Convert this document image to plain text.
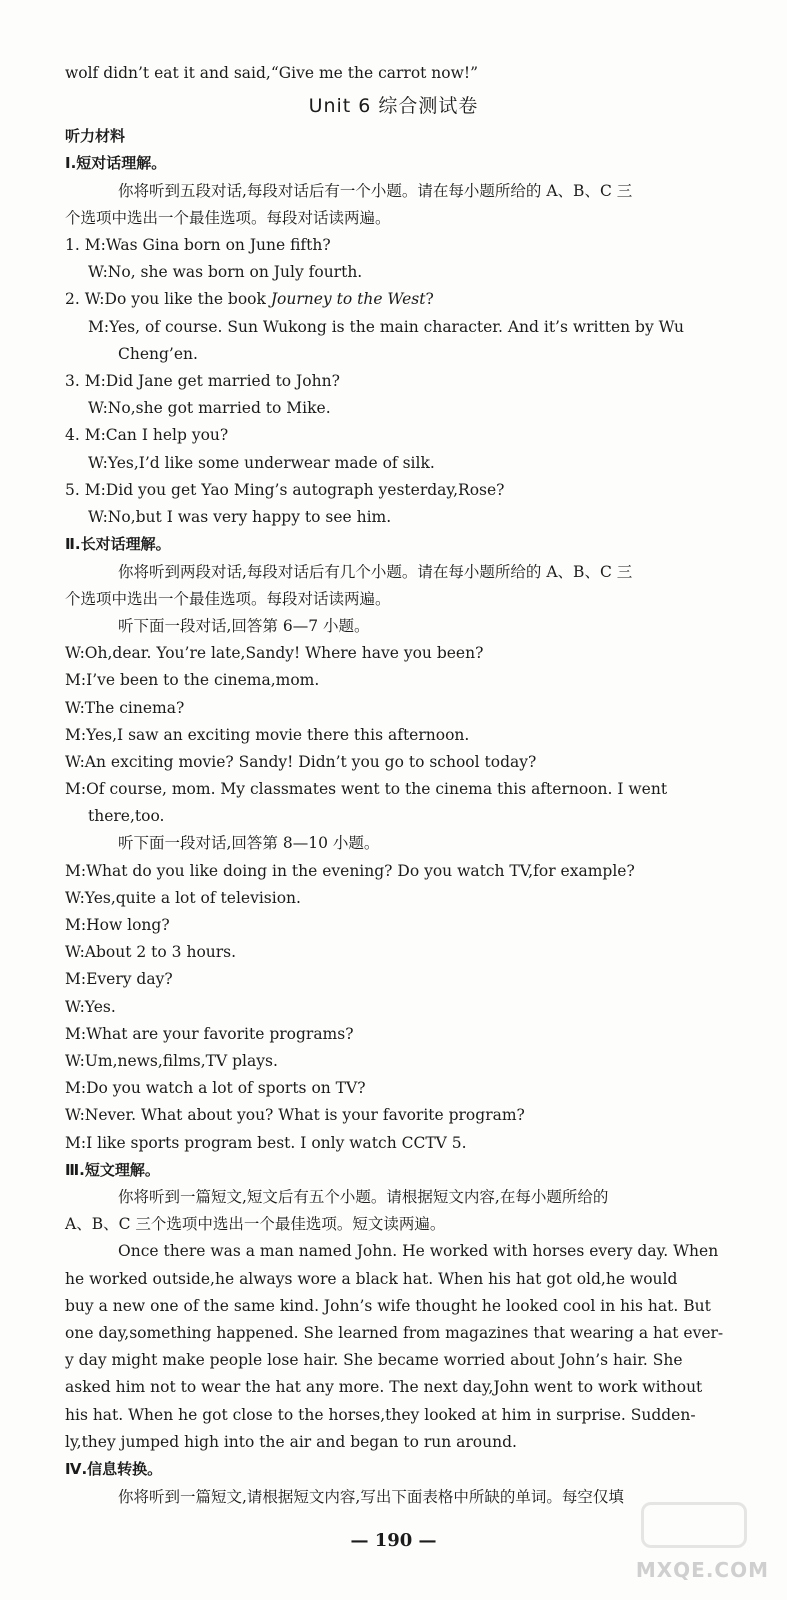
wolf didn’t eat it and said,“Give me the carrot now!”
Unit 6 综合测试卷
听力材料
Ⅰ.短对话理解。
你将听到五段对话,每段对话后有一个小题。请在每小题所给的 A、B、C 三
个选项中选出一个最佳选项。每段对话读两遍。
1. M:Was Gina born on June fifth?
W:No, she was born on July fourth.
2. W:Do you like the book Journey to the West?
M:Yes, of course. Sun Wukong is the main character. And it’s written by Wu
Cheng’en.
3. M:Did Jane get married to John?
W:No,she got married to Mike.
4. M:Can I help you?
W:Yes,I’d like some underwear made of silk.
5. M:Did you get Yao Ming’s autograph yesterday,Rose?
W:No,but I was very happy to see him.
Ⅱ.长对话理解。
你将听到两段对话,每段对话后有几个小题。请在每小题所给的 A、B、C 三
个选项中选出一个最佳选项。每段对话读两遍。
听下面一段对话,回答第 6—7 小题。
W:Oh,dear. You’re late,Sandy! Where have you been?
M:I’ve been to the cinema,mom.
W:The cinema?
M:Yes,I saw an exciting movie there this afternoon.
W:An exciting movie? Sandy! Didn’t you go to school today?
M:Of course, mom. My classmates went to the cinema this afternoon. I went
there,too.
听下面一段对话,回答第 8—10 小题。
M:What do you like doing in the evening? Do you watch TV,for example?
W:Yes,quite a lot of television.
M:How long?
W:About 2 to 3 hours.
M:Every day?
W:Yes.
M:What are your favorite programs?
W:Um,news,films,TV plays.
M:Do you watch a lot of sports on TV?
W:Never. What about you? What is your favorite program?
M:I like sports program best. I only watch CCTV 5.
Ⅲ.短文理解。
你将听到一篇短文,短文后有五个小题。请根据短文内容,在每小题所给的
A、B、C 三个选项中选出一个最佳选项。短文读两遍。
Once there was a man named John. He worked with horses every day. When
he worked outside,he always wore a black hat. When his hat got old,he would
buy a new one of the same kind. John’s wife thought he looked cool in his hat. But
one day,something happened. She learned from magazines that wearing a hat ever-
y day might make people lose hair. She became worried about John’s hair. She
asked him not to wear the hat any more. The next day,John went to work without
his hat. When he got close to the horses,they looked at him in surprise. Sudden-
ly,they jumped high into the air and began to run around.
Ⅳ.信息转换。
你将听到一篇短文,请根据短文内容,写出下面表格中所缺的单词。每空仅填
— 190 —
MXQE.COM
